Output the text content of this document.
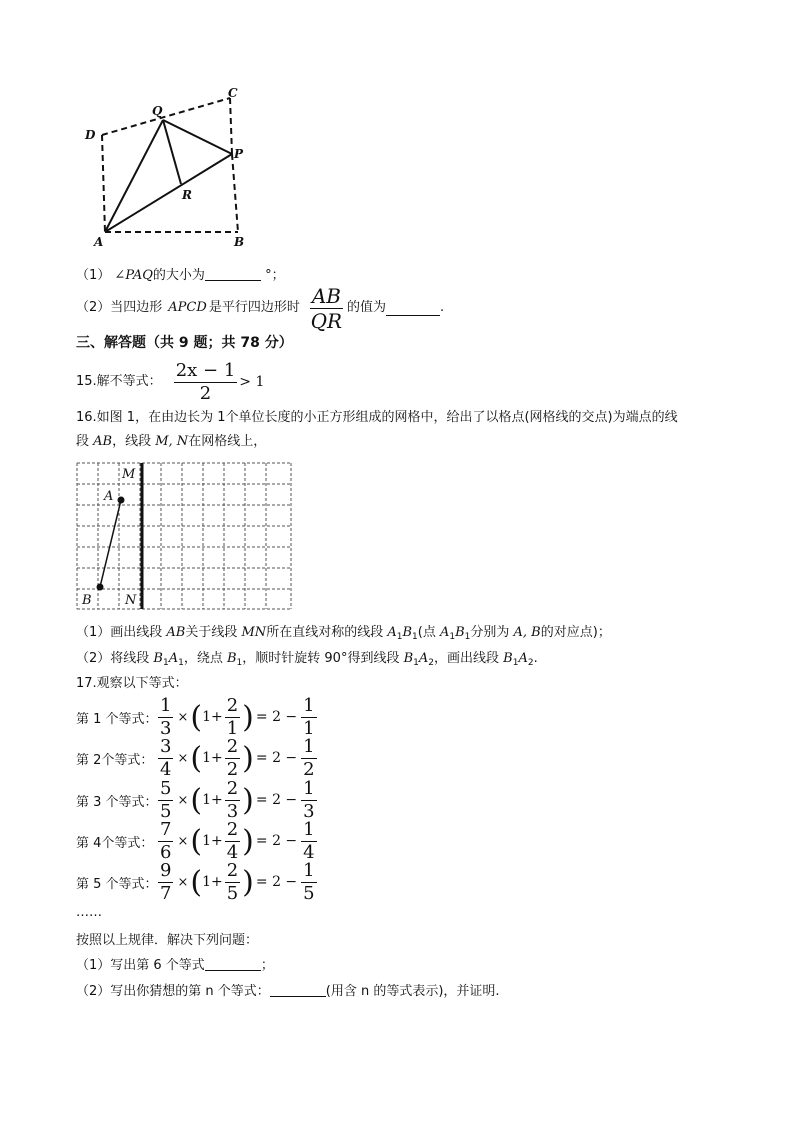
Q
C
D
P
R
A	B
（1） ∠PAQ的大小为	°；
（2） 当四边形 APCD 是平行四边形时 $\frac{AB}{QR}$ 的值为	.
三、解答题（共 9 题；共 78 分）
15.解不等式： $\frac{2x - 1}{2} > 1$
16.如图 1，在由边长为 1个单位长度的小正方形组成的网格中，给出了以格点(网格线的交点)为端点的线
段 AB，线段 M, N在网格线上，
M
A
B	N
（1）画出线段 AB关于线段 MN所在直线对称的线段 $A_1B_1$(点 $A_1B_1$分别为 A, B的对应点)；
（2）将线段 $B_1A_1$，绕点 $B_1$，顺时针旋转 90°得到线段 $B_1A_2$，画出线段 $B_1A_2$.
17.观察以下等式：
第 1 个等式： $\frac{1}{3}$ × ( $1+ \frac{2}{1}$ ) = $2 - \frac{1}{1}$
第 2个等式： $\frac{3}{4}$ × ( $1+ \frac{2}{2}$ ) = $2 - \frac{1}{2}$
第 3 个等式： $\frac{5}{5}$ × ( $1+ \frac{2}{3}$ ) = $2 - \frac{1}{3}$
第 4个等式： $\frac{7}{6}$ × ( $1+ \frac{2}{4}$ ) = $2 - \frac{1}{4}$
第 5 个等式： $\frac{9}{7}$ × ( $1+ \frac{2}{5}$ ) = $2 - \frac{1}{5}$
……
按照以上规律．解决下列问题：
（1）写出第 6 个等式	；
（2）写出你猜想的第 n 个等式：	(用含 n 的等式表示)，并证明.
